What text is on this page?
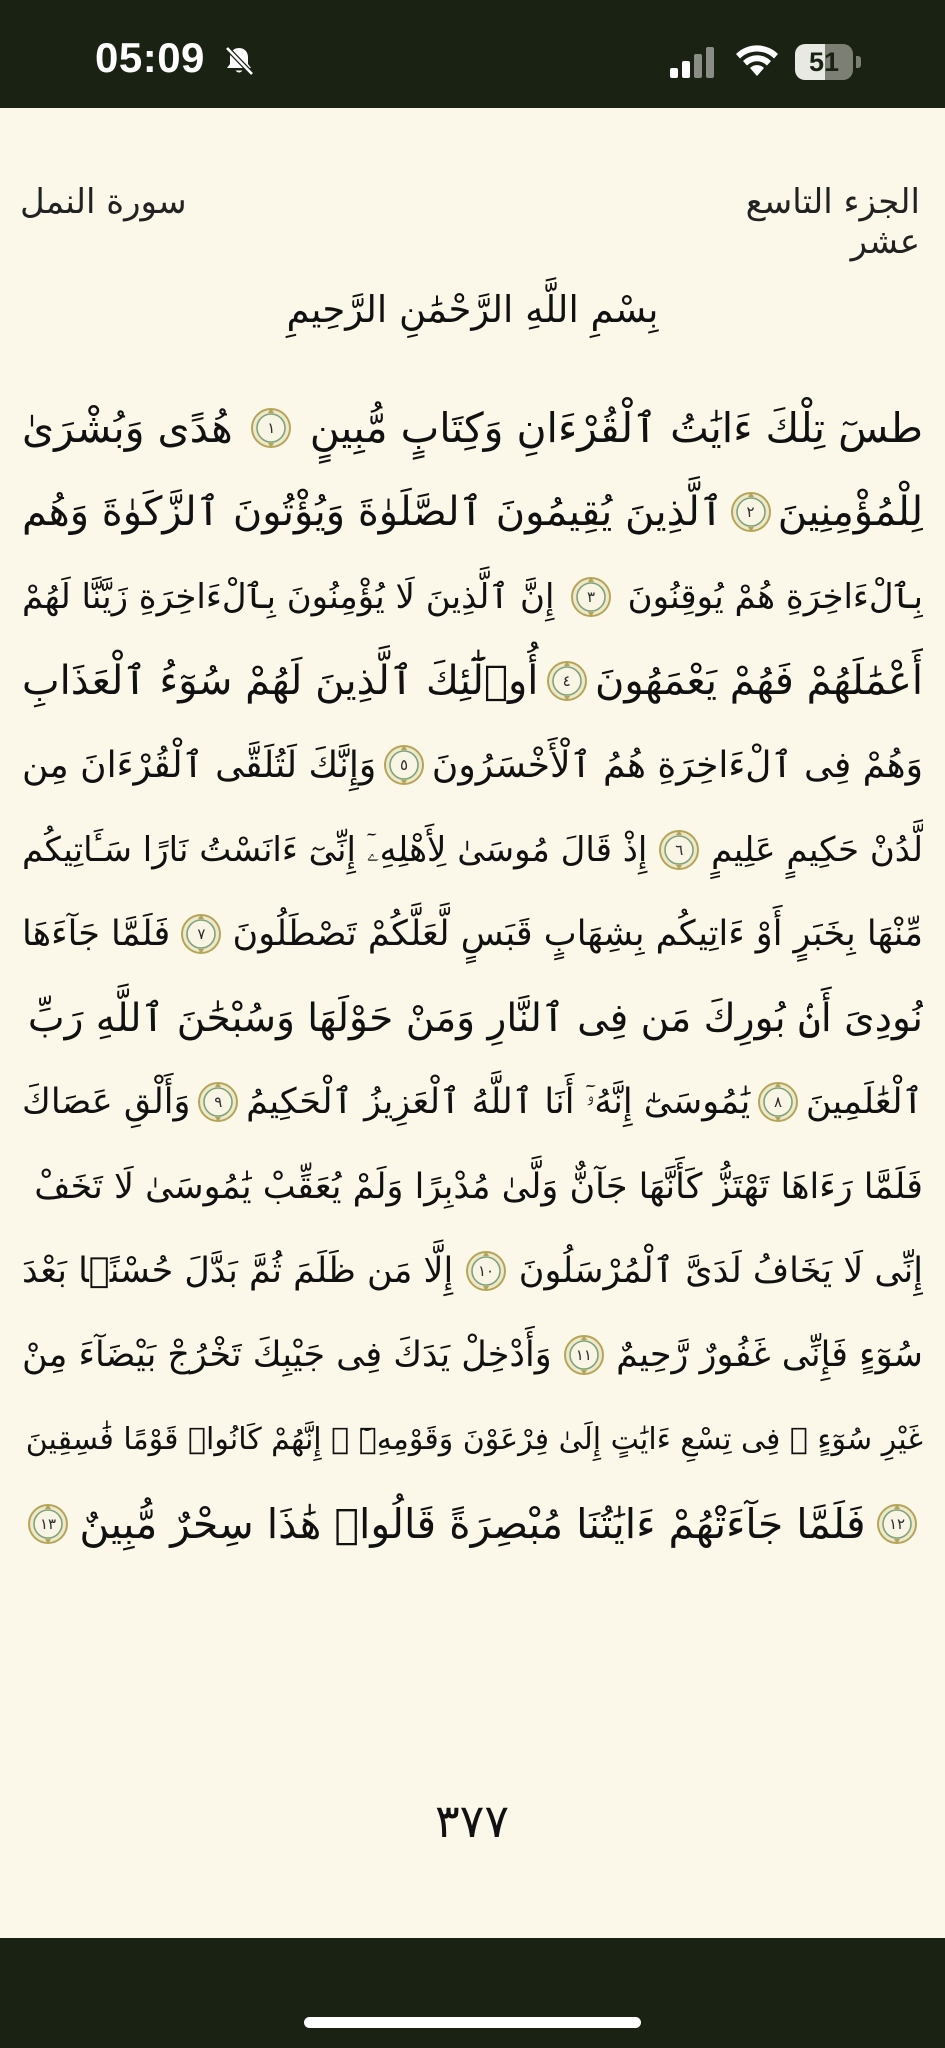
05:09	51
الجزء التاسع عشر
سورة النمل
بِسْمِ اللَّهِ الرَّحْمَٰنِ الرَّحِيمِ
طسٓ تِلْكَ ءَايَٰتُ ٱلْقُرْءَانِ وَكِتَابٍ مُّبِينٍ
١
هُدًى وَبُشْرَىٰ
لِلْمُؤْمِنِينَ
٢
ٱلَّذِينَ يُقِيمُونَ ٱلصَّلَوٰةَ وَيُؤْتُونَ ٱلزَّكَوٰةَ وَهُم
بِٱلْءَاخِرَةِ هُمْ يُوقِنُونَ
٣
إِنَّ ٱلَّذِينَ لَا يُؤْمِنُونَ بِٱلْءَاخِرَةِ زَيَّنَّا لَهُمْ
أَعْمَٰلَهُمْ فَهُمْ يَعْمَهُونَ
٤
أُو۟لَٰٓئِكَ ٱلَّذِينَ لَهُمْ سُوٓءُ ٱلْعَذَابِ
وَهُمْ فِى ٱلْءَاخِرَةِ هُمُ ٱلْأَخْسَرُونَ
٥
وَإِنَّكَ لَتُلَقَّى ٱلْقُرْءَانَ مِن
لَّدُنْ حَكِيمٍ عَلِيمٍ
٦
إِذْ قَالَ مُوسَىٰ لِأَهْلِهِۦٓ إِنِّىٓ ءَانَسْتُ نَارًا سَـَٔاتِيكُم
مِّنْهَا بِخَبَرٍ أَوْ ءَاتِيكُم بِشِهَابٍ قَبَسٍ لَّعَلَّكُمْ تَصْطَلُونَ
٧
فَلَمَّا جَآءَهَا
نُودِىَ أَنۢ بُورِكَ مَن فِى ٱلنَّارِ وَمَنْ حَوْلَهَا وَسُبْحَٰنَ ٱللَّهِ رَبِّ
ٱلْعَٰلَمِينَ
٨
يَٰمُوسَىٰٓ إِنَّهُۥٓ أَنَا ٱللَّهُ ٱلْعَزِيزُ ٱلْحَكِيمُ
٩
وَأَلْقِ عَصَاكَ
فَلَمَّا رَءَاهَا تَهْتَزُّ كَأَنَّهَا جَآنٌّ وَلَّىٰ مُدْبِرًا وَلَمْ يُعَقِّبْ يَٰمُوسَىٰ لَا تَخَفْ
إِنِّى لَا يَخَافُ لَدَىَّ ٱلْمُرْسَلُونَ
١٠
إِلَّا مَن ظَلَمَ ثُمَّ بَدَّلَ حُسْنًۢا بَعْدَ
سُوٓءٍ فَإِنِّى غَفُورٌ رَّحِيمٌ
١١
وَأَدْخِلْ يَدَكَ فِى جَيْبِكَ تَخْرُجْ بَيْضَآءَ مِنْ
غَيْرِ سُوٓءٍ ۖ فِى تِسْعِ ءَايَٰتٍ إِلَىٰ فِرْعَوْنَ وَقَوْمِهِۦٓ ۚ إِنَّهُمْ كَانُوا۟ قَوْمًا فَٰسِقِينَ
١٢
فَلَمَّا جَآءَتْهُمْ ءَايَٰتُنَا مُبْصِرَةً قَالُوا۟ هَٰذَا سِحْرٌ مُّبِينٌ
١٣
٣٧٧
